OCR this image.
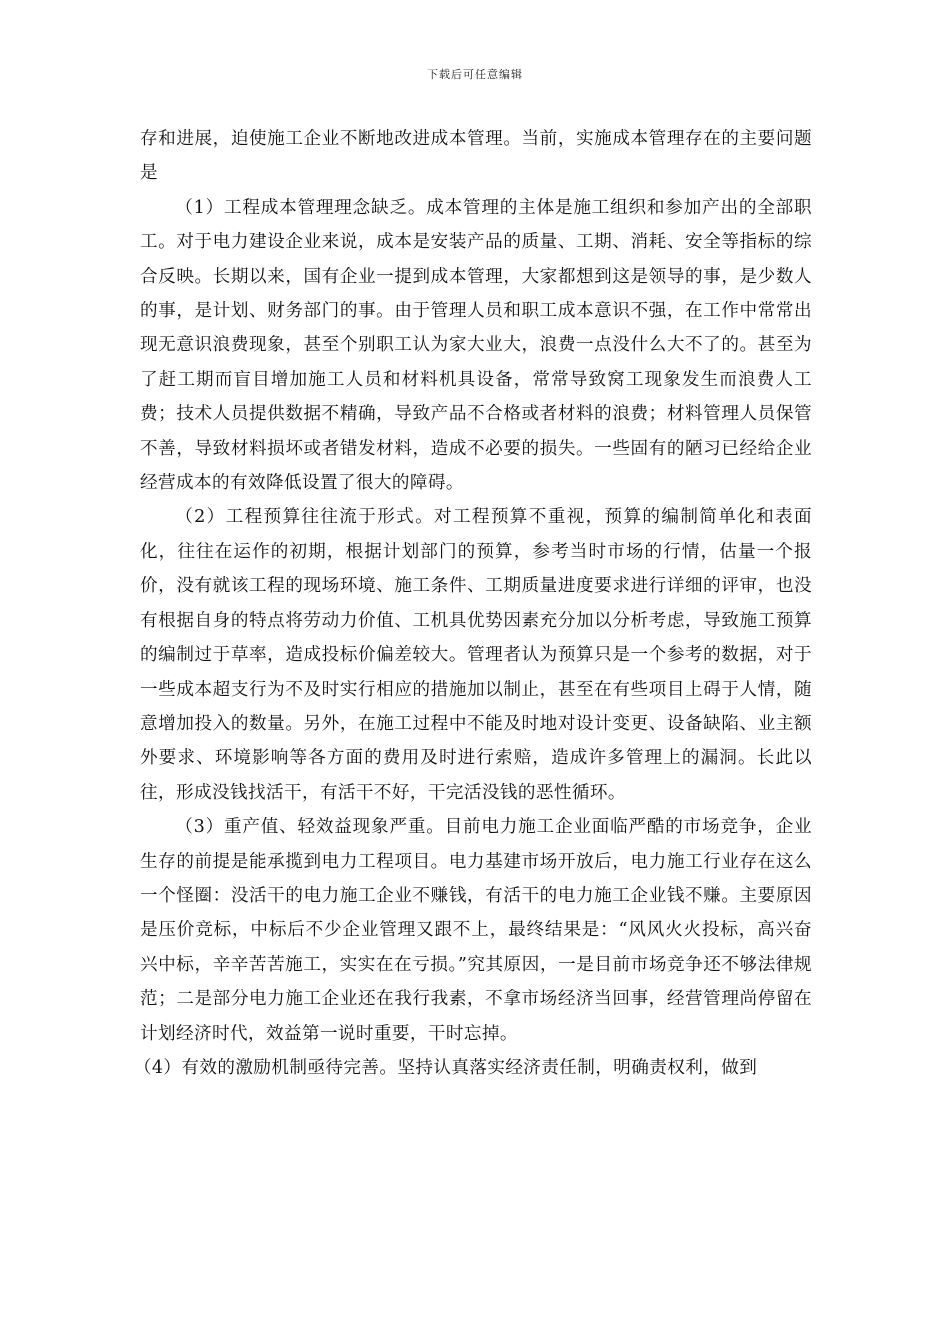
下载后可任意编辑

存和进展，迫使施工企业不断地改进成本管理。当前，实施成本管理存在的主要问题是

（1）工程成本管理理念缺乏。成本管理的主体是施工组织和参加产出的全部职工。对于电力建设企业来说，成本是安装产品的质量、工期、消耗、安全等指标的综合反映。长期以来，国有企业一提到成本管理，大家都想到这是领导的事，是少数人的事，是计划、财务部门的事。由于管理人员和职工成本意识不强，在工作中常常出现无意识浪费现象，甚至个别职工认为家大业大，浪费一点没什么大不了的。甚至为了赶工期而盲目增加施工人员和材料机具设备，常常导致窝工现象发生而浪费人工费；技术人员提供数据不精确，导致产品不合格或者材料的浪费；材料管理人员保管不善，导致材料损坏或者错发材料，造成不必要的损失。一些固有的陋习已经给企业经营成本的有效降低设置了很大的障碍。

（2）工程预算往往流于形式。对工程预算不重视，预算的编制简单化和表面化，往往在运作的初期，根据计划部门的预算，参考当时市场的行情，估量一个报价，没有就该工程的现场环境、施工条件、工期质量进度要求进行详细的评审，也没有根据自身的特点将劳动力价值、工机具优势因素充分加以分析考虑，导致施工预算的编制过于草率，造成投标价偏差较大。管理者认为预算只是一个参考的数据，对于一些成本超支行为不及时实行相应的措施加以制止，甚至在有些项目上碍于人情，随意增加投入的数量。另外，在施工过程中不能及时地对设计变更、设备缺陷、业主额外要求、环境影响等各方面的费用及时进行索赔，造成许多管理上的漏洞。长此以往，形成没钱找活干，有活干不好，干完活没钱的恶性循环。

（3）重产值、轻效益现象严重。目前电力施工企业面临严酷的市场竞争，企业生存的前提是能承揽到电力工程项目。电力基建市场开放后，电力施工行业存在这么一个怪圈：没活干的电力施工企业不赚钱，有活干的电力施工企业钱不赚。主要原因是压价竞标，中标后不少企业管理又跟不上，最终结果是：“风风火火投标，高兴奋兴中标，辛辛苦苦施工，实实在在亏损。”究其原因，一是目前市场竞争还不够法律规范；二是部分电力施工企业还在我行我素，不拿市场经济当回事，经营管理尚停留在计划经济时代，效益第一说时重要，干时忘掉。

（4）有效的激励机制亟待完善。坚持认真落实经济责任制，明确责权利，做到
